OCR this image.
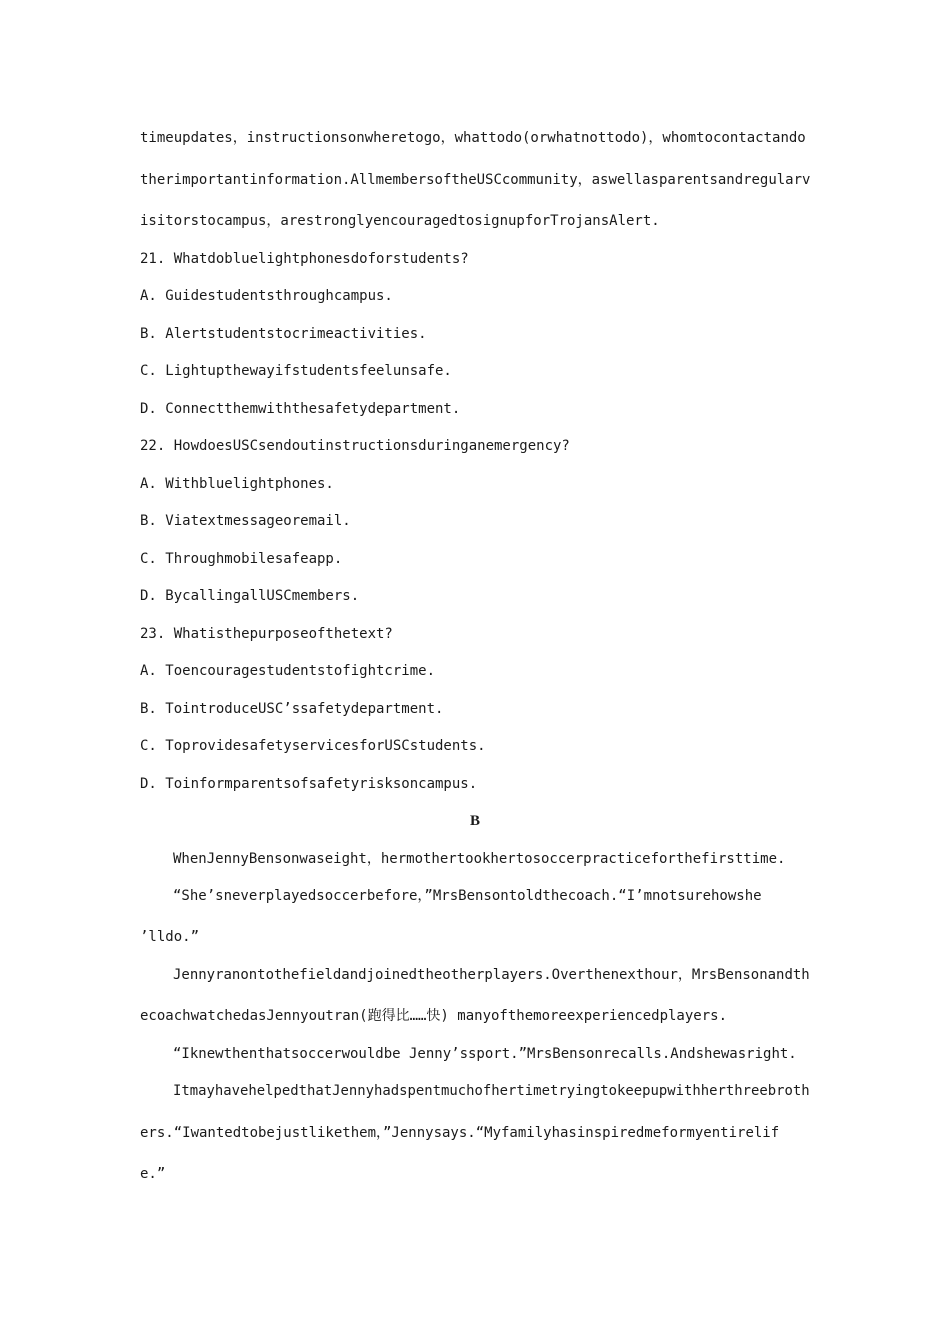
timeupdates，instructionsonwheretogo，whattodo(orwhatnottodo)，whomtocontactando
therimportantinformation.AllmembersoftheUSCcommunity，aswellasparentsandregularv
isitorstocampus，arestronglyencouragedtosignupforTrojansAlert.
21. Whatdobluelightphonesdoforstudents?
A. Guidestudentsthroughcampus.
B. Alertstudentstocrimeactivities.
C. Lightupthewayifstudentsfeelunsafe.
D. Connectthemwiththesafetydepartment.
22. HowdoesUSCsendoutinstructionsduringanemergency?
A. Withbluelightphones.
B. Viatextmessageoremail.
C. Throughmobilesafeapp.
D. BycallingallUSCmembers.
23. Whatisthepurposeofthetext?
A. Toencouragestudentstofightcrime.
B. TointroduceUSC’ssafetydepartment.
C. ToprovidesafetyservicesforUSCstudents.
D. Toinformparentsofsafetyrisksoncampus.
B
WhenJennyBensonwaseight，hermothertookhertosoccerpracticeforthefirsttime.
“She’sneverplayedsoccerbefore，”MrsBensontoldthecoach.“I’mnotsurehowshe
’lldo.”
Jennyranontothefieldandjoinedtheotherplayers.Overthenexthour，MrsBensonandth
ecoachwatchedasJennyoutran(跑得比……快) manyofthemoreexperiencedplayers.
“Iknewthenthatsoccerwouldbe Jenny’ssport.”MrsBensonrecalls.Andshewasright.
ItmayhavehelpedthatJennyhadspentmuchofhertimetryingtokeepupwithherthreebroth
ers.“Iwantedtobejustlikethem，”Jennysays.“Myfamilyhasinspiredmeformyentirelif
e.”
